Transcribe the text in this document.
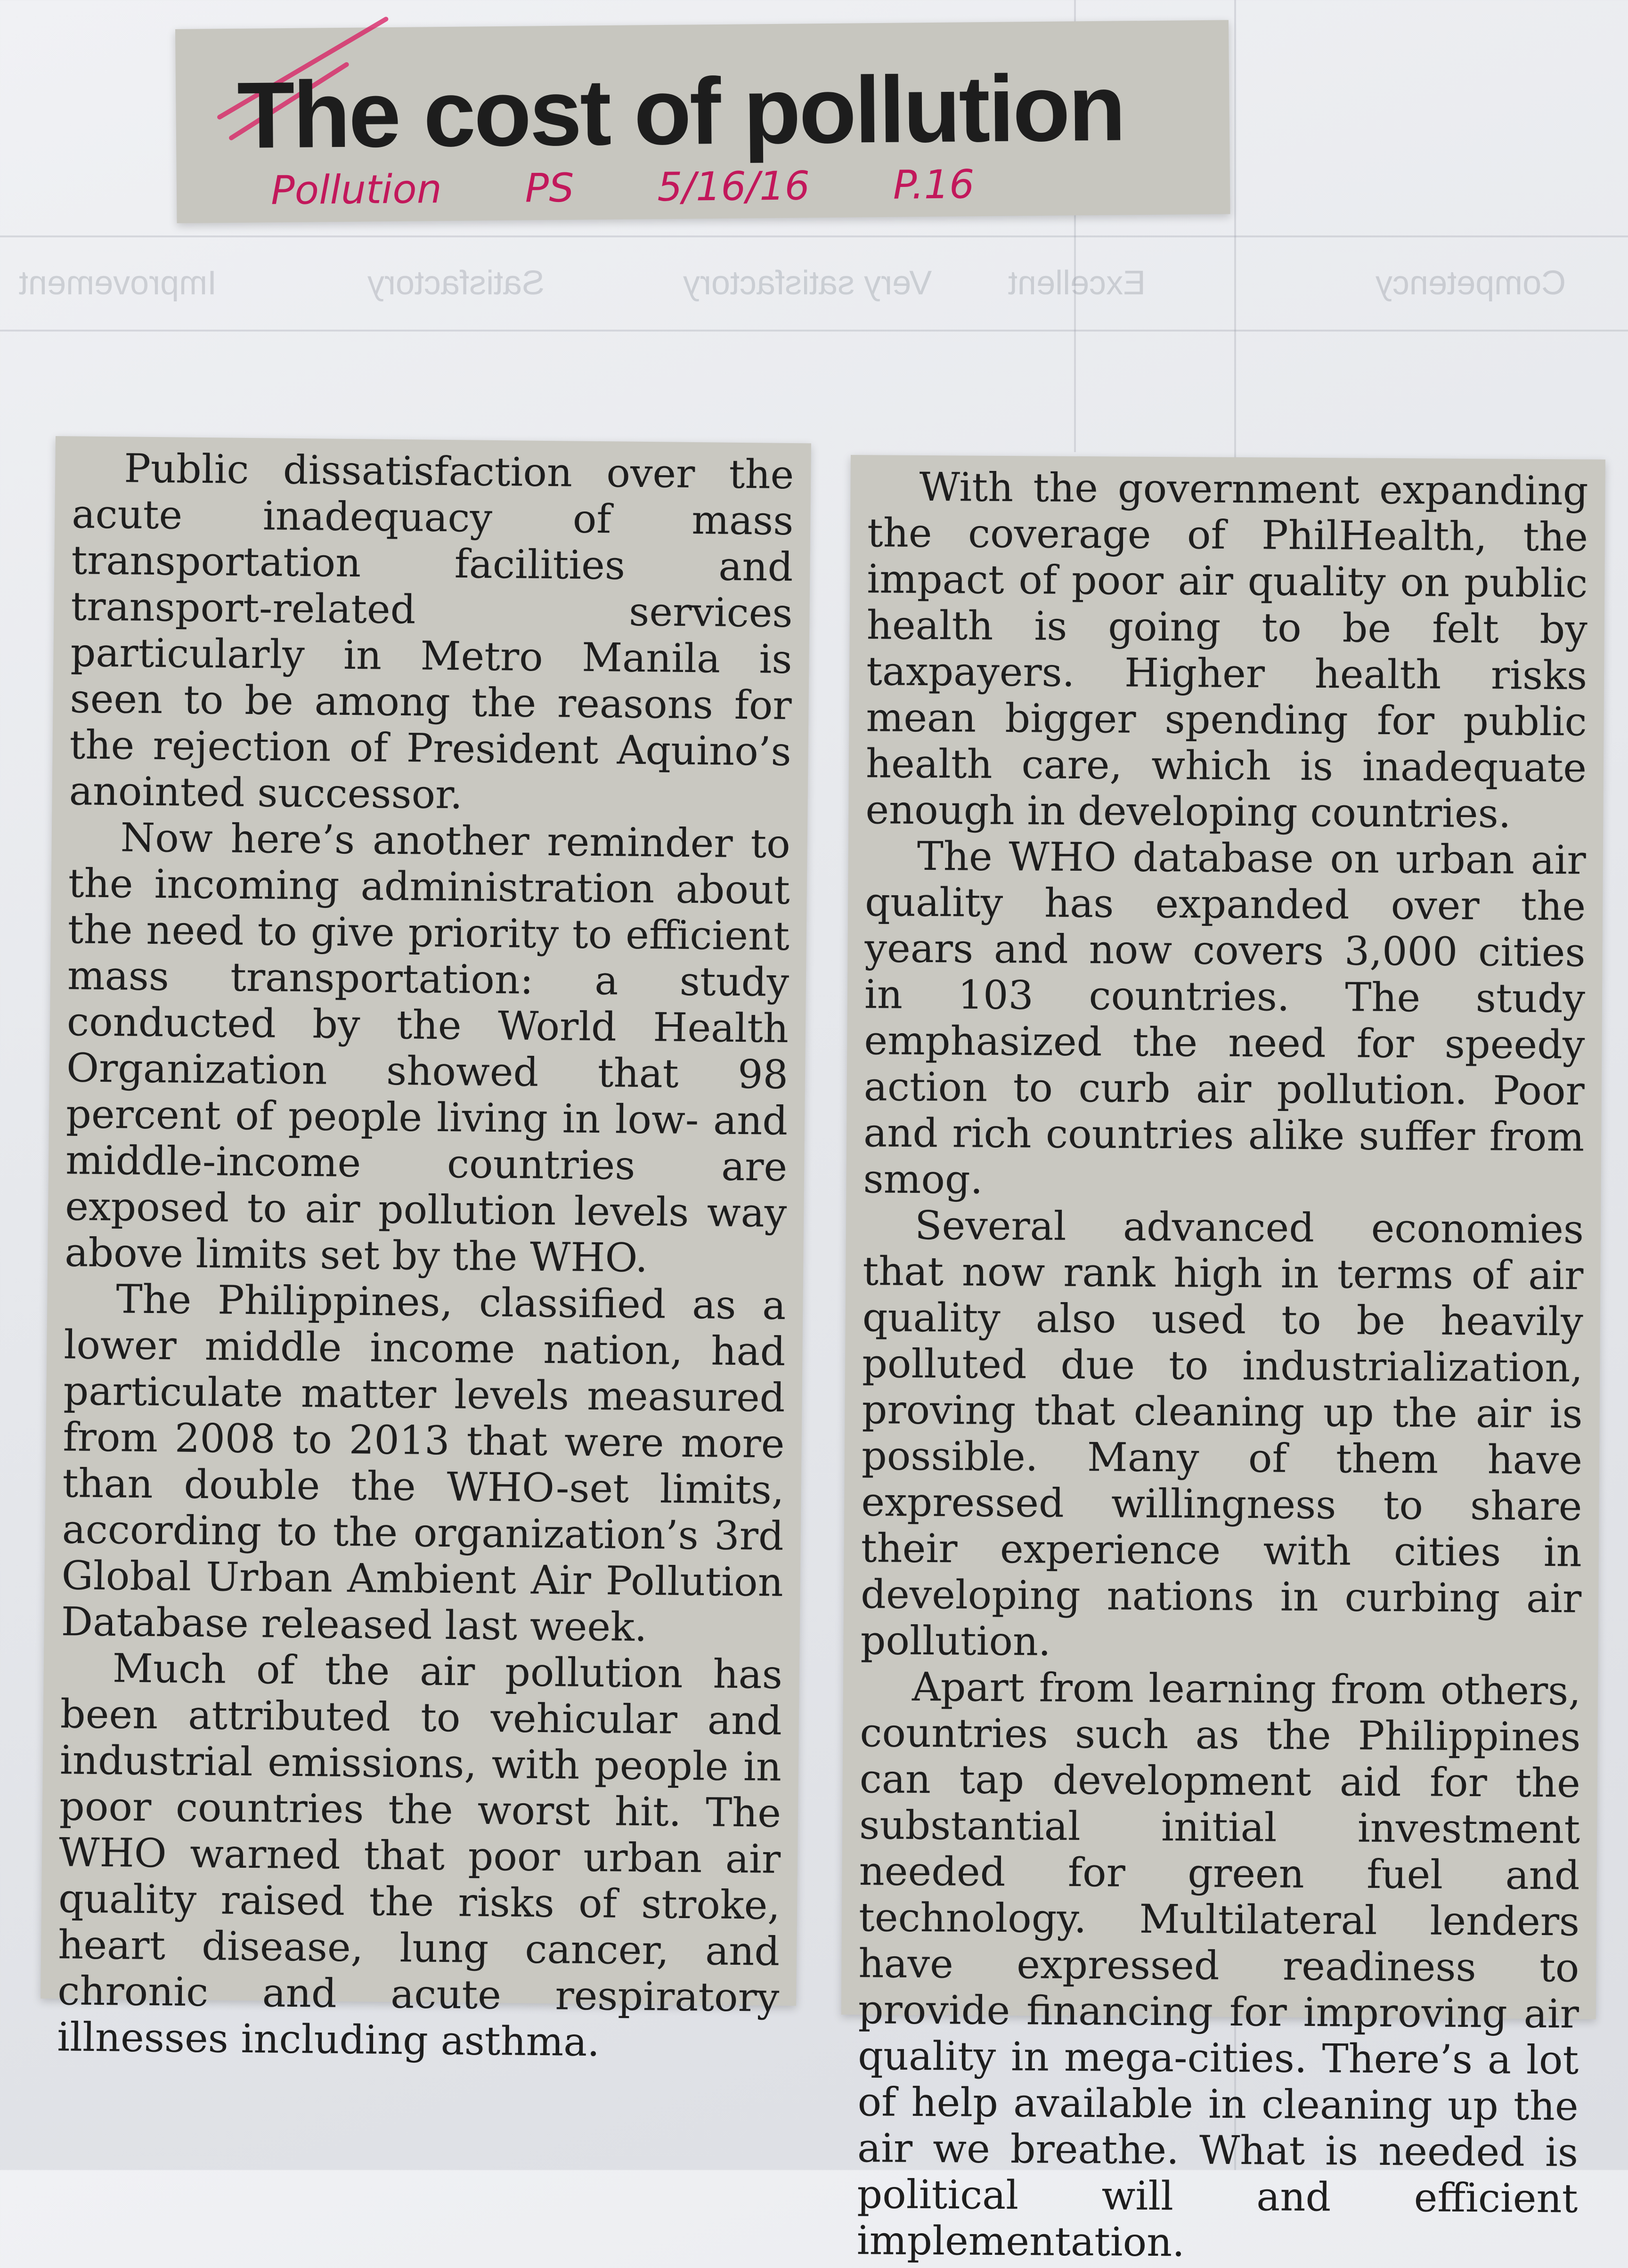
Competency
Excellent
Very satisfactory
Satisfactory
Improvement
The cost of pollution
Pollution PS 5/16/16 P.16

Public dissatisfaction over the acute inadequacy of mass transportation facilities and transport-related services particularly in Metro Manila is seen to be among the reasons for the rejection of President Aquino’s anointed successor.

Now here’s another reminder to the incoming administration about the need to give priority to efficient mass transportation: a study conducted by the World Health Organization showed that 98 percent of people living in low- and middle-income countries are exposed to air pollution levels way above limits set by the WHO.

The Philippines, classified as a lower middle income nation, had particulate matter levels measured from 2008 to 2013 that were more than double the WHO-set limits, according to the organization’s 3rd Global Urban Ambient Air Pollution Database released last week.

Much of the air pollution has been attributed to vehicular and industrial emissions, with people in poor countries the worst hit. The WHO warned that poor urban air quality raised the risks of stroke, heart disease, lung cancer, and chronic and acute respiratory illnesses including asthma.

With the government expanding the coverage of PhilHealth, the impact of poor air quality on public health is going to be felt by taxpayers. Higher health risks mean bigger spending for public health care, which is inadequate enough in developing countries.

The WHO database on urban air quality has expanded over the years and now covers 3,000 cities in 103 countries. The study emphasized the need for speedy action to curb air pollution. Poor and rich countries alike suffer from smog.

Several advanced economies that now rank high in terms of air quality also used to be heavily polluted due to industrialization, proving that cleaning up the air is possible. Many of them have expressed willingness to share their experience with cities in developing nations in curbing air pollution.

Apart from learning from others, countries such as the Philippines can tap development aid for the substantial initial investment needed for green fuel and technology. Multilateral lenders have expressed readiness to provide financing for improving air quality in mega-cities. There’s a lot of help available in cleaning up the air we breathe. What is needed is political will and efficient implementation.
